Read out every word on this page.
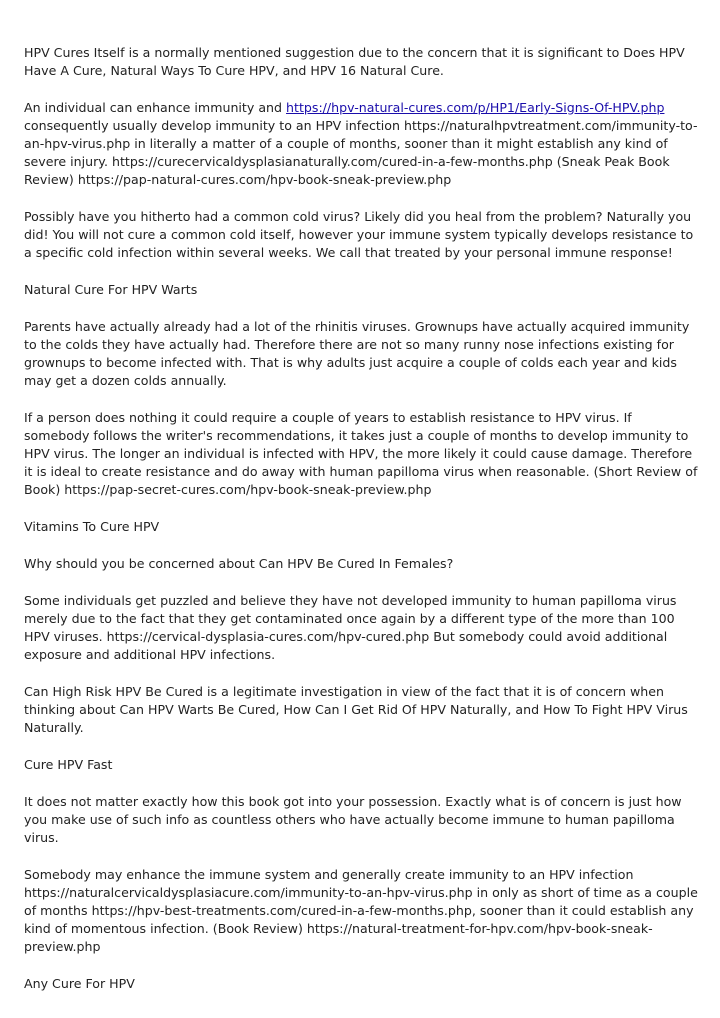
HPV Cures Itself is a normally mentioned suggestion due to the concern that it is significant to Does HPV Have A Cure, Natural Ways To Cure HPV, and HPV 16 Natural Cure.

An individual can enhance immunity and https://hpv-natural-cures.com/p/HP1/Early-Signs-Of-HPV.php consequently usually develop immunity to an HPV infection https://naturalhpvtreatment.com/immunity-to-an-hpv-virus.php in literally a matter of a couple of months, sooner than it might establish any kind of severe injury. https://curecervicaldysplasianaturally.com/cured-in-a-few-months.php (Sneak Peak Book Review) https://pap-natural-cures.com/hpv-book-sneak-preview.php

Possibly have you hitherto had a common cold virus? Likely did you heal from the problem? Naturally you did! You will not cure a common cold itself, however your immune system typically develops resistance to a specific cold infection within several weeks. We call that treated by your personal immune response!

Natural Cure For HPV Warts

Parents have actually already had a lot of the rhinitis viruses. Grownups have actually acquired immunity to the colds they have actually had. Therefore there are not so many runny nose infections existing for grownups to become infected with. That is why adults just acquire a couple of colds each year and kids may get a dozen colds annually.

If a person does nothing it could require a couple of years to establish resistance to HPV virus. If somebody follows the writer's recommendations, it takes just a couple of months to develop immunity to HPV virus. The longer an individual is infected with HPV, the more likely it could cause damage. Therefore it is ideal to create resistance and do away with human papilloma virus when reasonable. (Short Review of Book) https://pap-secret-cures.com/hpv-book-sneak-preview.php

Vitamins To Cure HPV

Why should you be concerned about Can HPV Be Cured In Females?

Some individuals get puzzled and believe they have not developed immunity to human papilloma virus merely due to the fact that they get contaminated once again by a different type of the more than 100 HPV viruses. https://cervical-dysplasia-cures.com/hpv-cured.php But somebody could avoid additional exposure and additional HPV infections.

Can High Risk HPV Be Cured is a legitimate investigation in view of the fact that it is of concern when thinking about Can HPV Warts Be Cured, How Can I Get Rid Of HPV Naturally, and How To Fight HPV Virus Naturally.

Cure HPV Fast

It does not matter exactly how this book got into your possession. Exactly what is of concern is just how you make use of such info as countless others who have actually become immune to human papilloma virus.

Somebody may enhance the immune system and generally create immunity to an HPV infection https://naturalcervicaldysplasiacure.com/immunity-to-an-hpv-virus.php in only as short of time as a couple of months https://hpv-best-treatments.com/cured-in-a-few-months.php, sooner than it could establish any kind of momentous infection. (Book Review) https://natural-treatment-for-hpv.com/hpv-book-sneak-preview.php

Any Cure For HPV
